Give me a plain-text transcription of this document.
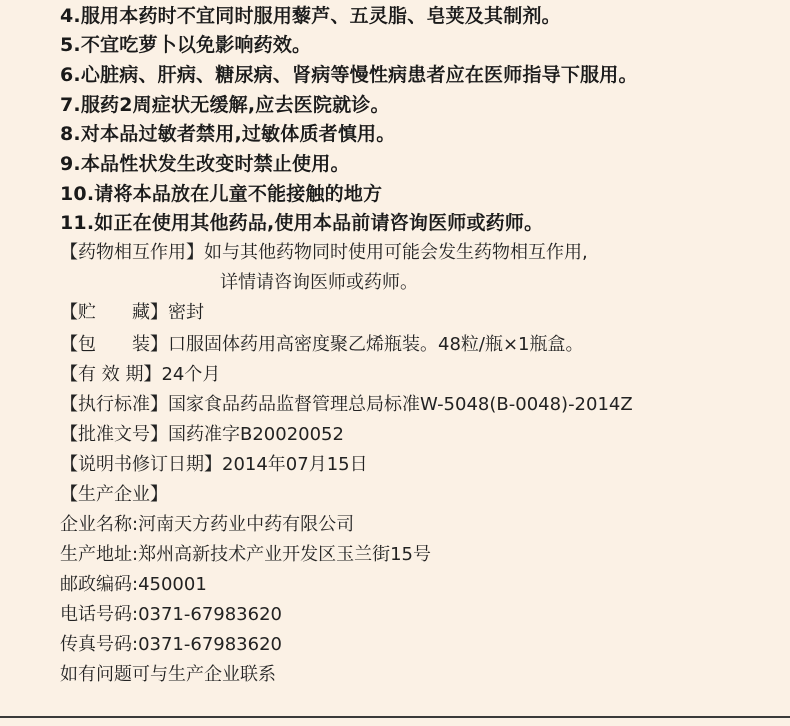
4.服用本药时不宜同时服用藜芦、五灵脂、皂荚及其制剂。
5.不宜吃萝卜以免影响药效。
6.心脏病、肝病、糖尿病、肾病等慢性病患者应在医师指导下服用。
7.服药2周症状无缓解,应去医院就诊。
8.对本品过敏者禁用,过敏体质者慎用。
9.本品性状发生改变时禁止使用。
10.请将本品放在儿童不能接触的地方
11.如正在使用其他药品,使用本品前请咨询医师或药师。
【药物相互作用】如与其他药物同时使用可能会发生药物相互作用,
详情请咨询医师或药师。
【贮　　藏】密封
【包　　装】口服固体药用高密度聚乙烯瓶装。48粒/瓶×1瓶盒。
【有 效 期】24个月
【执行标准】国家食品药品监督管理总局标准W-5048(B-0048)-2014Z
【批准文号】国药准字B20020052
【说明书修订日期】2014年07月15日
【生产企业】
企业名称:河南天方药业中药有限公司
生产地址:郑州高新技术产业开发区玉兰街15号
邮政编码:450001
电话号码:0371-67983620
传真号码:0371-67983620
如有问题可与生产企业联系
